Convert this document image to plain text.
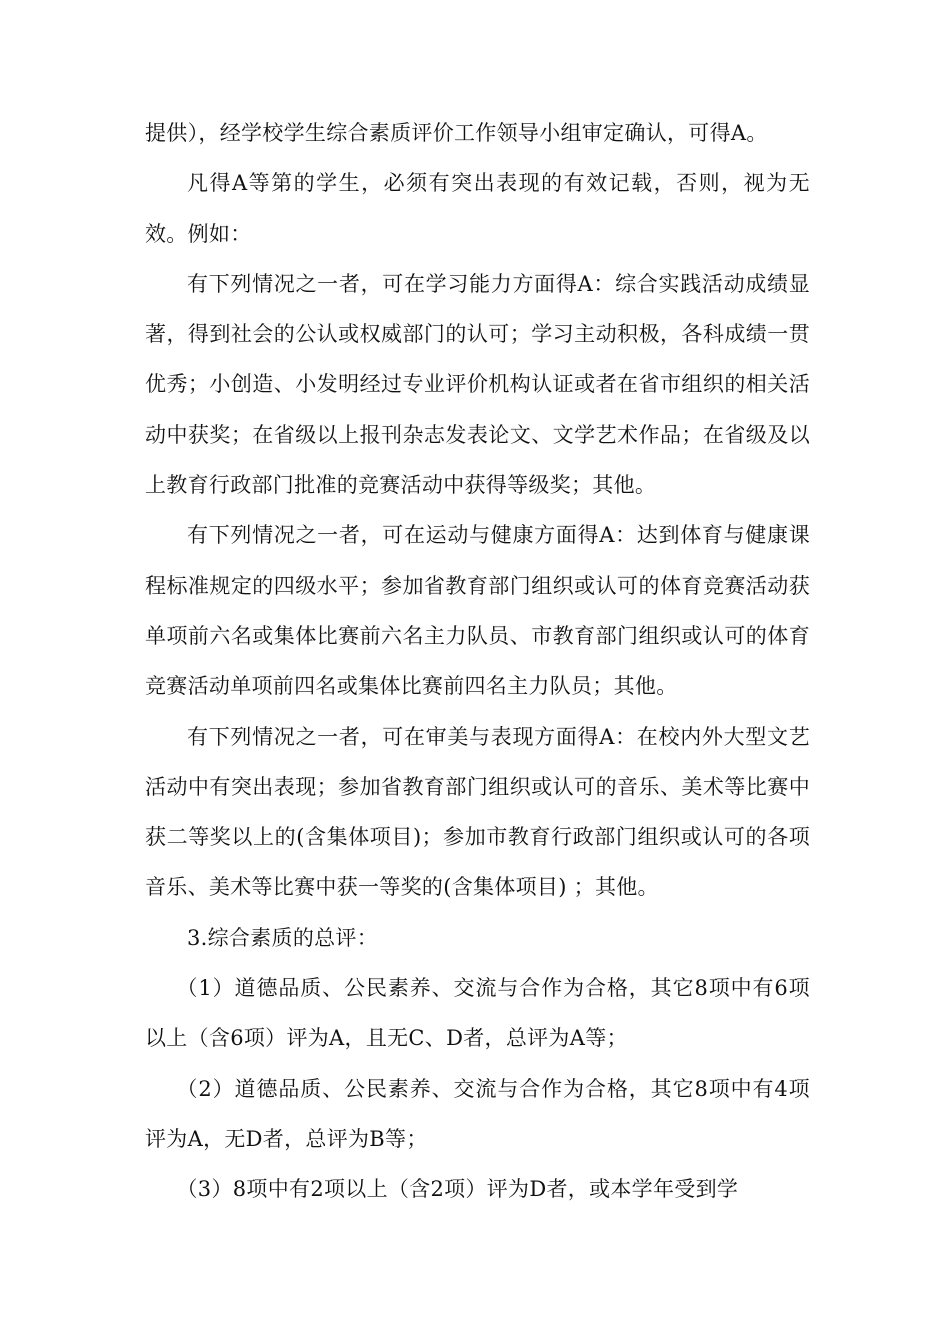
提供），经学校学生综合素质评价工作领导小组审定确认，可得A。

凡得A等第的学生，必须有突出表现的有效记载，否则，视为无效。例如：

有下列情况之一者，可在学习能力方面得A：综合实践活动成绩显著，得到社会的公认或权威部门的认可；学习主动积极，各科成绩一贯优秀；小创造、小发明经过专业评价机构认证或者在省市组织的相关活动中获奖；在省级以上报刊杂志发表论文、文学艺术作品；在省级及以上教育行政部门批准的竞赛活动中获得等级奖；其他。

有下列情况之一者，可在运动与健康方面得A：达到体育与健康课程标准规定的四级水平；参加省教育部门组织或认可的体育竞赛活动获单项前六名或集体比赛前六名主力队员、市教育部门组织或认可的体育竞赛活动单项前四名或集体比赛前四名主力队员；其他。

有下列情况之一者，可在审美与表现方面得A：在校内外大型文艺活动中有突出表现；参加省教育部门组织或认可的音乐、美术等比赛中获二等奖以上的(含集体项目)；参加市教育行政部门组织或认可的各项音乐、美术等比赛中获一等奖的(含集体项目) ；其他。

3.综合素质的总评：

（1）道德品质、公民素养、交流与合作为合格，其它8项中有6项以上（含6项）评为A，且无C、D者，总评为A等；

（2）道德品质、公民素养、交流与合作为合格，其它8项中有4项评为A，无D者，总评为B等；

（3）8项中有2项以上（含2项）评为D者，或本学年受到学
